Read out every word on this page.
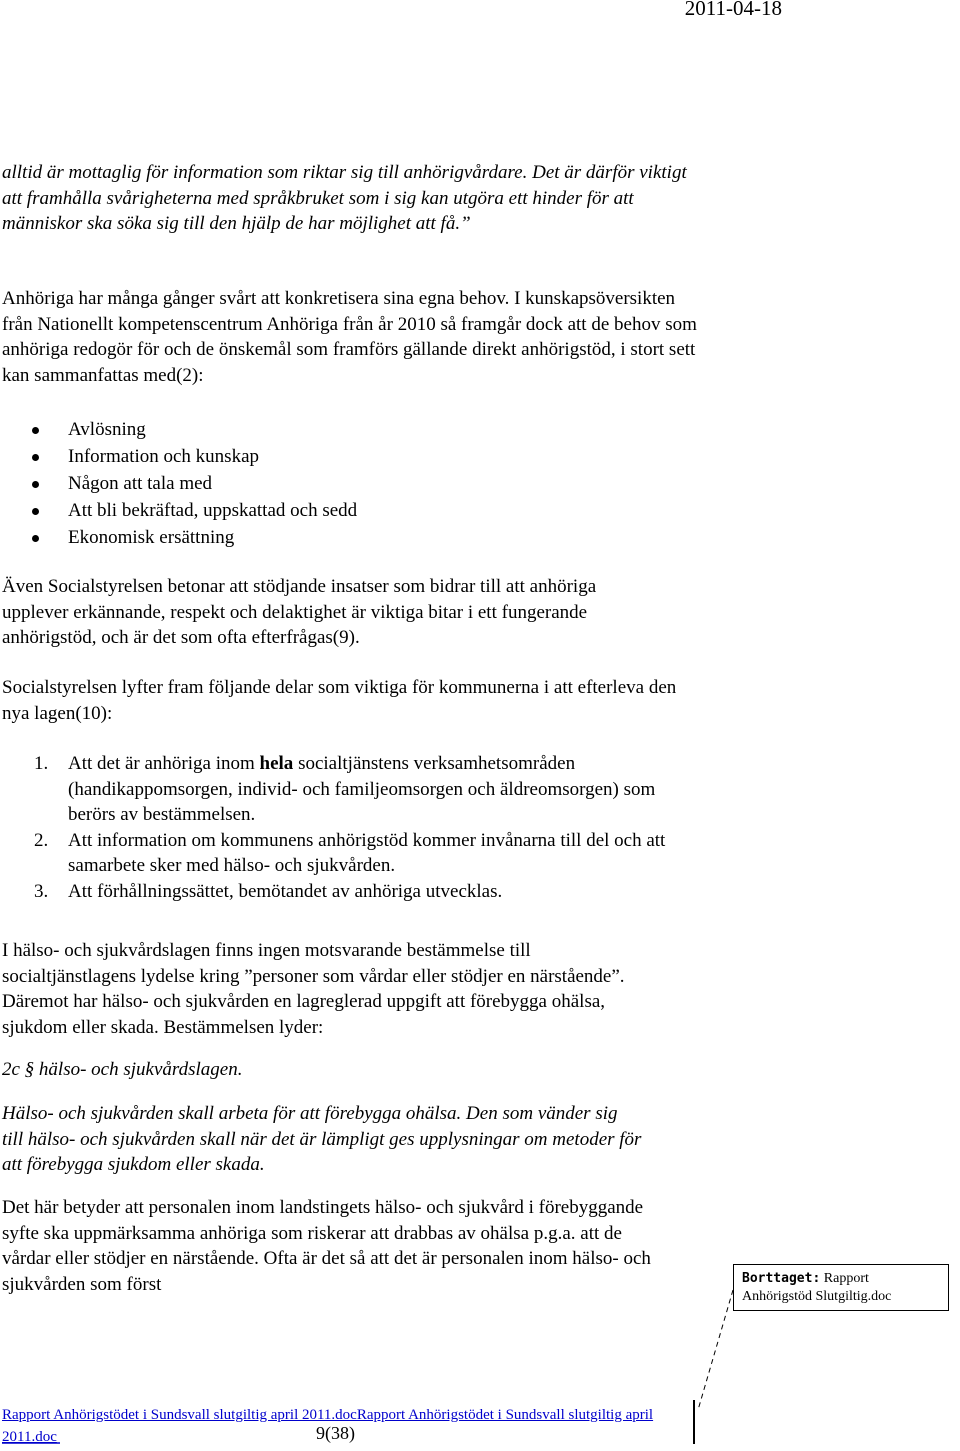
2011-04-18

alltid är mottaglig för information som riktar sig till anhörigvårdare. Det är därför viktigt att framhålla svårigheterna med språkbruket som i sig kan utgöra ett hinder för att människor ska söka sig till den hjälp de har möjlighet att få.”

Anhöriga har många gånger svårt att konkretisera sina egna behov. I kunskapsöversikten från Nationellt kompetenscentrum Anhöriga från år 2010 så framgår dock att de behov som anhöriga redogör för och de önskemål som framförs gällande direkt anhörigstöd, i stort sett kan sammanfattas med(2):

Avlösning
Information och kunskap
Någon att tala med
Att bli bekräftad, uppskattad och sedd
Ekonomisk ersättning

Även Socialstyrelsen betonar att stödjande insatser som bidrar till att anhöriga upplever erkännande, respekt och delaktighet är viktiga bitar i ett fungerande anhörigstöd, och är det som ofta efterfrågas(9).

Socialstyrelsen lyfter fram följande delar som viktiga för kommunerna i att efterleva den nya lagen(10):

1. Att det är anhöriga inom hela socialtjänstens verksamhetsområden (handikappomsorgen, individ- och familjeomsorgen och äldreomsorgen) som berörs av bestämmelsen.
2. Att information om kommunens anhörigstöd kommer invånarna till del och att samarbete sker med hälso- och sjukvården.
3. Att förhållningssättet, bemötandet av anhöriga utvecklas.

I hälso- och sjukvårdslagen finns ingen motsvarande bestämmelse till socialtjänstlagens lydelse kring ”personer som vårdar eller stödjer en närstående”. Däremot har hälso- och sjukvården en lagreglerad uppgift att förebygga ohälsa, sjukdom eller skada. Bestämmelsen lyder:

2c § hälso- och sjukvårdslagen.

Hälso- och sjukvården skall arbeta för att förebygga ohälsa. Den som vänder sig till hälso- och sjukvården skall när det är lämpligt ges upplysningar om metoder för att förebygga sjukdom eller skada.

Det här betyder att personalen inom landstingets hälso- och sjukvård i förebyggande syfte ska uppmärksamma anhöriga som riskerar att drabbas av ohälsa p.g.a. att de vårdar eller stödjer en närstående. Ofta är det så att det är personalen inom hälso- och sjukvården som först	Borttaget: Rapport Anhörigstöd Slutgiltig.doc
Rapport Anhörigstödet i Sundsvall slutgiltig april 2011.docRapport Anhörigstödet i Sundsvall slutgiltig april
2011.doc	9(38)
